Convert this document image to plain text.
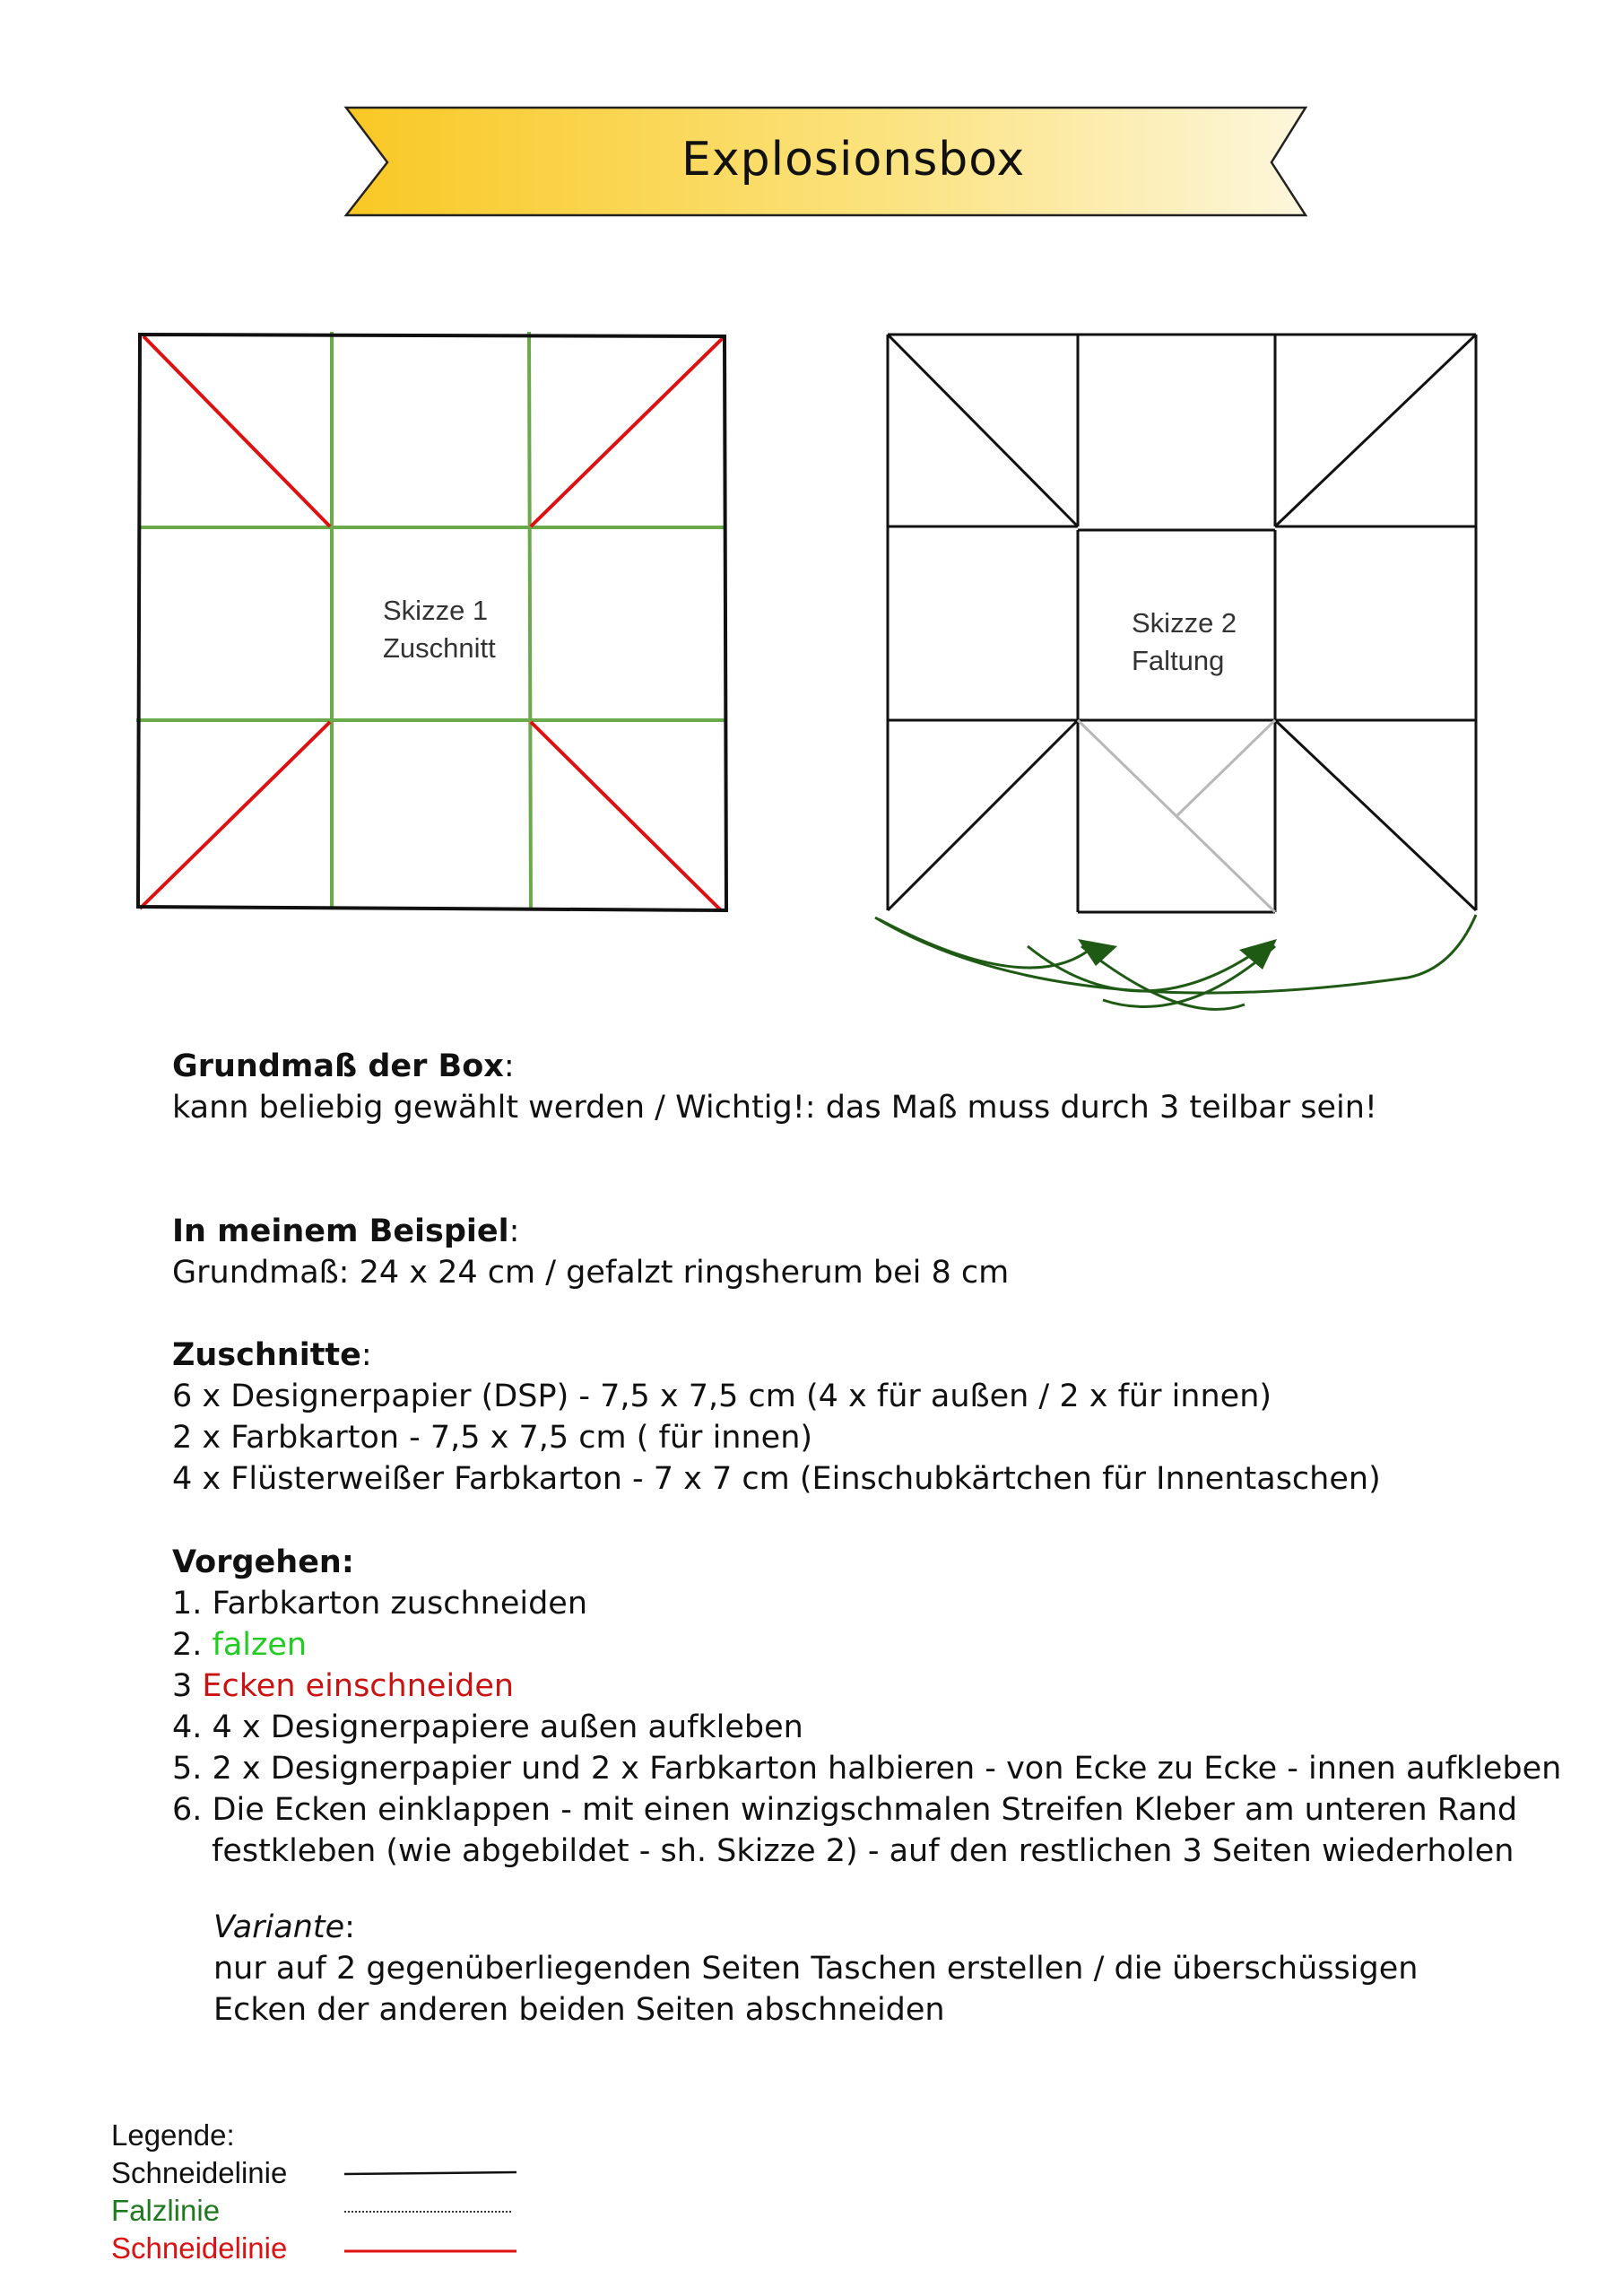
Explosionsbox
Skizze 1
Zuschnitt
Skizze 2
Faltung
Grundmaß der Box:
kann beliebig gewählt werden / Wichtig!: das Maß muss durch 3 teilbar sein!
In meinem Beispiel:
Grundmaß: 24 x 24 cm / gefalzt ringsherum bei 8 cm
Zuschnitte:
6 x Designerpapier (DSP) - 7,5 x 7,5 cm (4 x für außen / 2 x für innen)
2 x Farbkarton - 7,5 x 7,5 cm ( für innen)
4 x Flüsterweißer Farbkarton - 7 x 7 cm (Einschubkärtchen für Innentaschen)
Vorgehen:
1. Farbkarton zuschneiden
2. falzen
3 Ecken einschneiden
4. 4 x Designerpapiere außen aufkleben
5. 2 x Designerpapier und 2 x Farbkarton halbieren - von Ecke zu Ecke - innen aufkleben
6. Die Ecken einklappen - mit einen winzigschmalen Streifen Kleber am unteren Rand
festkleben (wie abgebildet - sh. Skizze 2) - auf den restlichen 3 Seiten wiederholen
Variante:
nur auf 2 gegenüberliegenden Seiten Taschen erstellen / die überschüssigen
Ecken der anderen beiden Seiten abschneiden
Legende:
Schneidelinie
Falzlinie
Schneidelinie
